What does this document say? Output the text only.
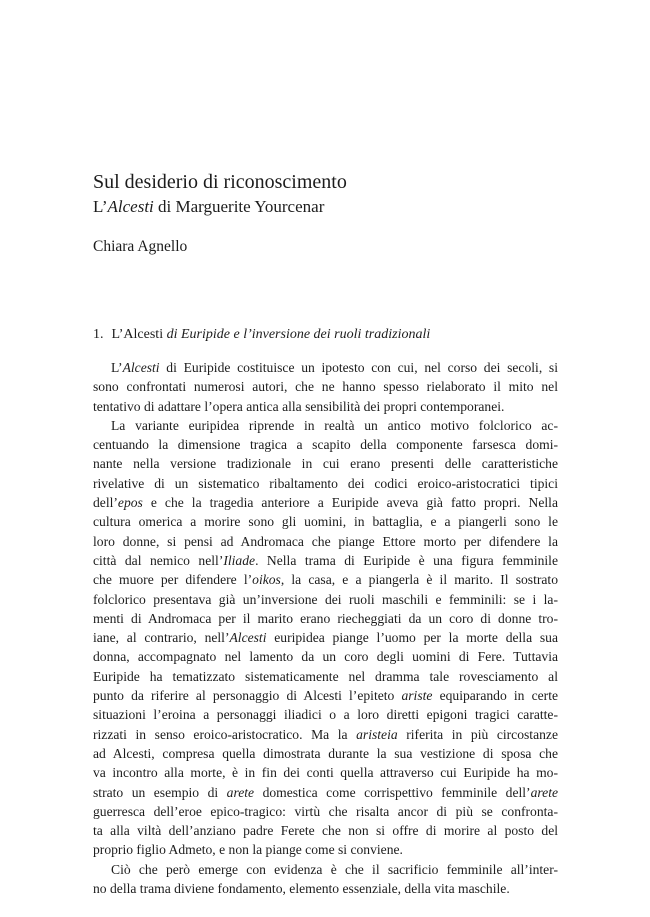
Sul desiderio di riconoscimento
L’Alcesti di Marguerite Yourcenar
Chiara Agnello
1. L’Alcesti di Euripide e l’inversione dei ruoli tradizionali
L’Alcesti di Euripide costituisce un ipotesto con cui, nel corso dei secoli, si
sono confrontati numerosi autori, che ne hanno spesso rielaborato il mito nel
tentativo di adattare l’opera antica alla sensibilità dei propri contemporanei.
La variante euripidea riprende in realtà un antico motivo folclorico ac-
centuando la dimensione tragica a scapito della componente farsesca domi-
nante nella versione tradizionale in cui erano presenti delle caratteristiche
rivelative di un sistematico ribaltamento dei codici eroico-aristocratici tipici
dell’epos e che la tragedia anteriore a Euripide aveva già fatto propri. Nella
cultura omerica a morire sono gli uomini, in battaglia, e a piangerli sono le
loro donne, si pensi ad Andromaca che piange Ettore morto per difendere la
città dal nemico nell’Iliade. Nella trama di Euripide è una figura femminile
che muore per difendere l’oikos, la casa, e a piangerla è il marito. Il sostrato
folclorico presentava già un’inversione dei ruoli maschili e femminili: se i la-
menti di Andromaca per il marito erano riecheggiati da un coro di donne tro-
iane, al contrario, nell’Alcesti euripidea piange l’uomo per la morte della sua
donna, accompagnato nel lamento da un coro degli uomini di Fere. Tuttavia
Euripide ha tematizzato sistematicamente nel dramma tale rovesciamento al
punto da riferire al personaggio di Alcesti l’epiteto ariste equiparando in certe
situazioni l’eroina a personaggi iliadici o a loro diretti epigoni tragici caratte-
rizzati in senso eroico-aristocratico. Ma la aristeia riferita in più circostanze
ad Alcesti, compresa quella dimostrata durante la sua vestizione di sposa che
va incontro alla morte, è in fin dei conti quella attraverso cui Euripide ha mo-
strato un esempio di arete domestica come corrispettivo femminile dell’arete
guerresca dell’eroe epico-tragico: virtù che risalta ancor di più se confronta-
ta alla viltà dell’anziano padre Ferete che non si offre di morire al posto del
proprio figlio Admeto, e non la piange come si conviene.
Ciò che però emerge con evidenza è che il sacrificio femminile all’inter-
no della trama diviene fondamento, elemento essenziale, della vita maschile.
